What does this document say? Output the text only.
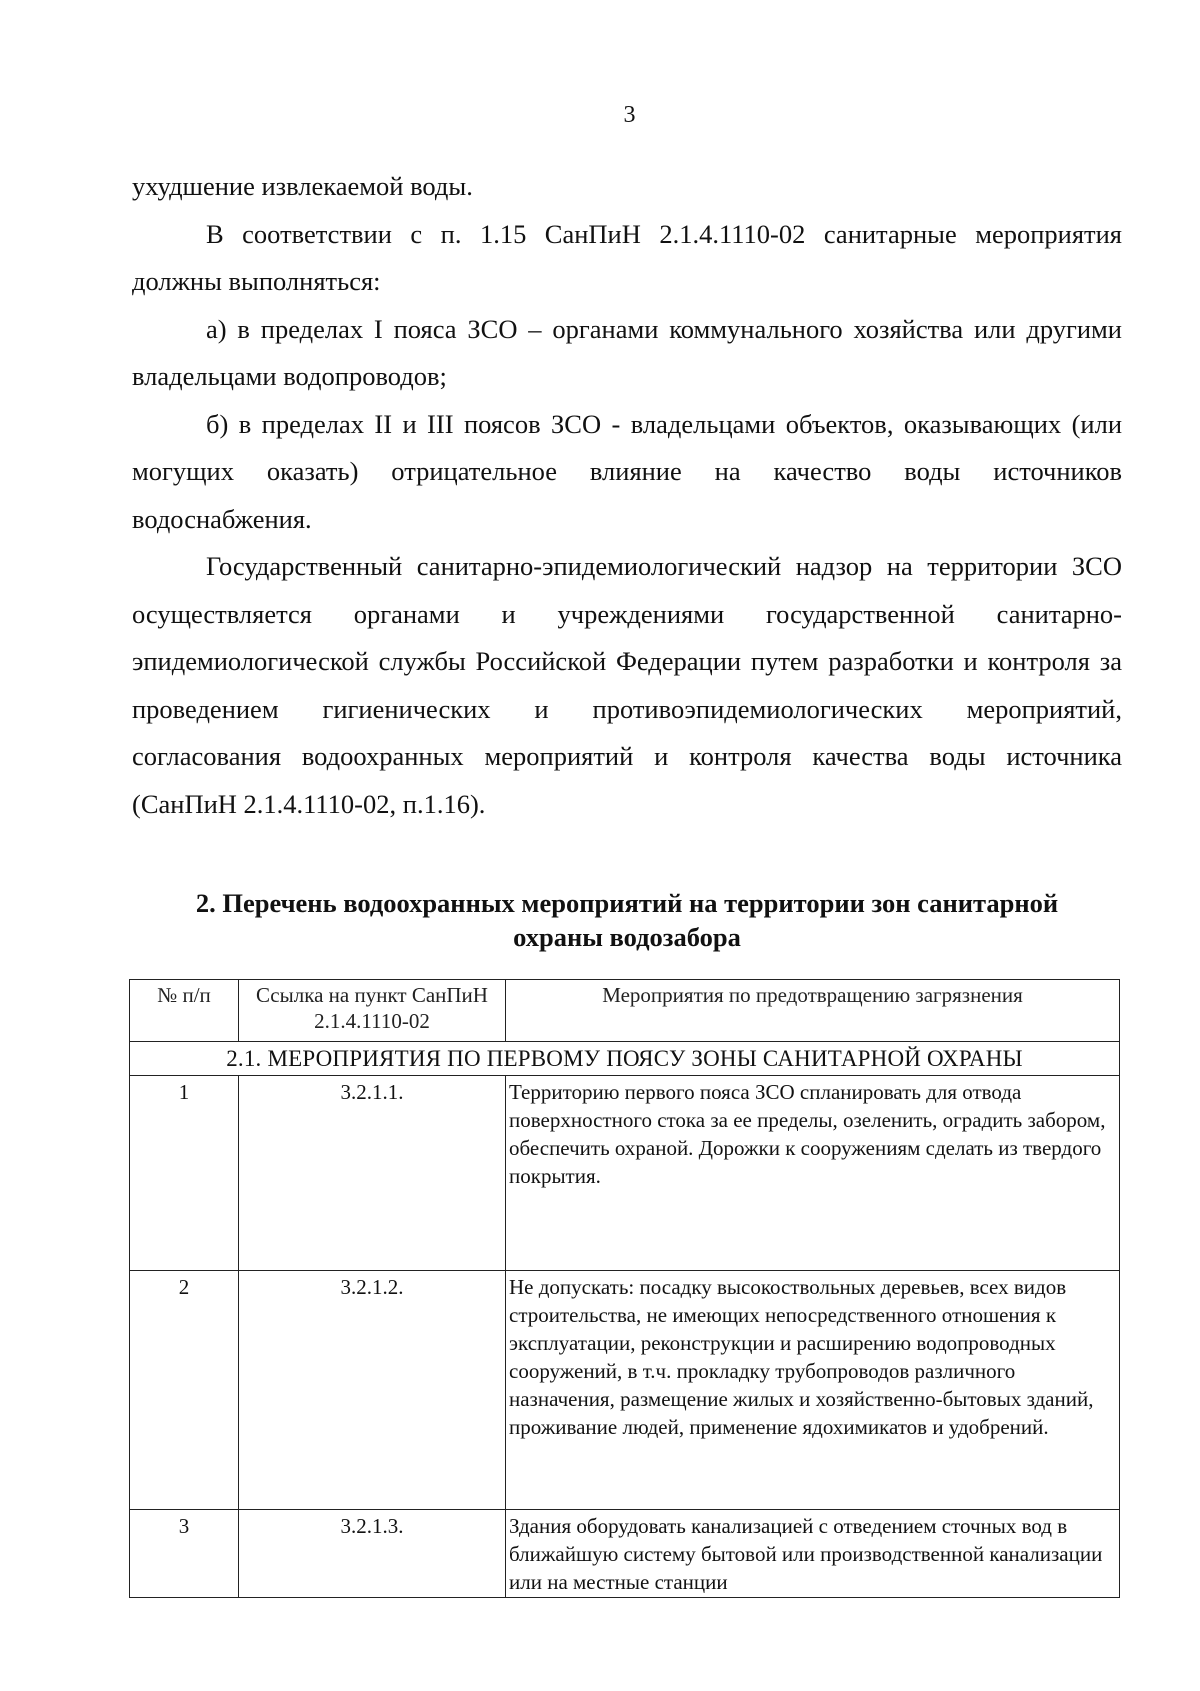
3

ухудшение извлекаемой воды.

В соответствии с п. 1.15 СанПиН 2.1.4.1110-02 санитарные мероприятия должны выполняться:

а) в пределах I пояса ЗСО – органами коммунального хозяйства или другими владельцами водопроводов;

б) в пределах II и III поясов ЗСО - владельцами объектов, оказывающих (или могущих оказать) отрицательное влияние на качество воды источников водоснабжения.

Государственный санитарно-эпидемиологический надзор на территории ЗСО осуществляется органами и учреждениями государственной санитарно-эпидемиологической службы Российской Федерации путем разработки и контроля за проведением гигиенических и противоэпидемиологических мероприятий, согласования водоохранных мероприятий и контроля качества воды источника (СанПиН 2.1.4.1110-02, п.1.16).

2. Перечень водоохранных мероприятий на территории зон санитарной
охраны водозабора
№ п/п	Ссылка на пункт СанПиН 2.1.4.1110-02	Мероприятия по предотвращению загрязнения
2.1. МЕРОПРИЯТИЯ ПО ПЕРВОМУ ПОЯСУ ЗОНЫ САНИТАРНОЙ ОХРАНЫ		
1	3.2.1.1.	Территорию первого пояса ЗСО спланировать для отвода поверхностного стока за ее пределы, озеленить, оградить забором, обеспечить охраной. Дорожки к сооружениям сделать из твердого покрытия.
2	3.2.1.2.	Не допускать: посадку высокоствольных деревьев, всех видов строительства, не имеющих непосредственного отношения к эксплуатации, реконструкции и расширению водопроводных сооружений, в т.ч. прокладку трубопроводов различного назначения, размещение жилых и хозяйственно-бытовых зданий, проживание людей, применение ядохимикатов и удобрений.
3	3.2.1.3.	Здания оборудовать канализацией с отведением сточных вод в ближайшую систему бытовой или производственной канализации или на местные станции
